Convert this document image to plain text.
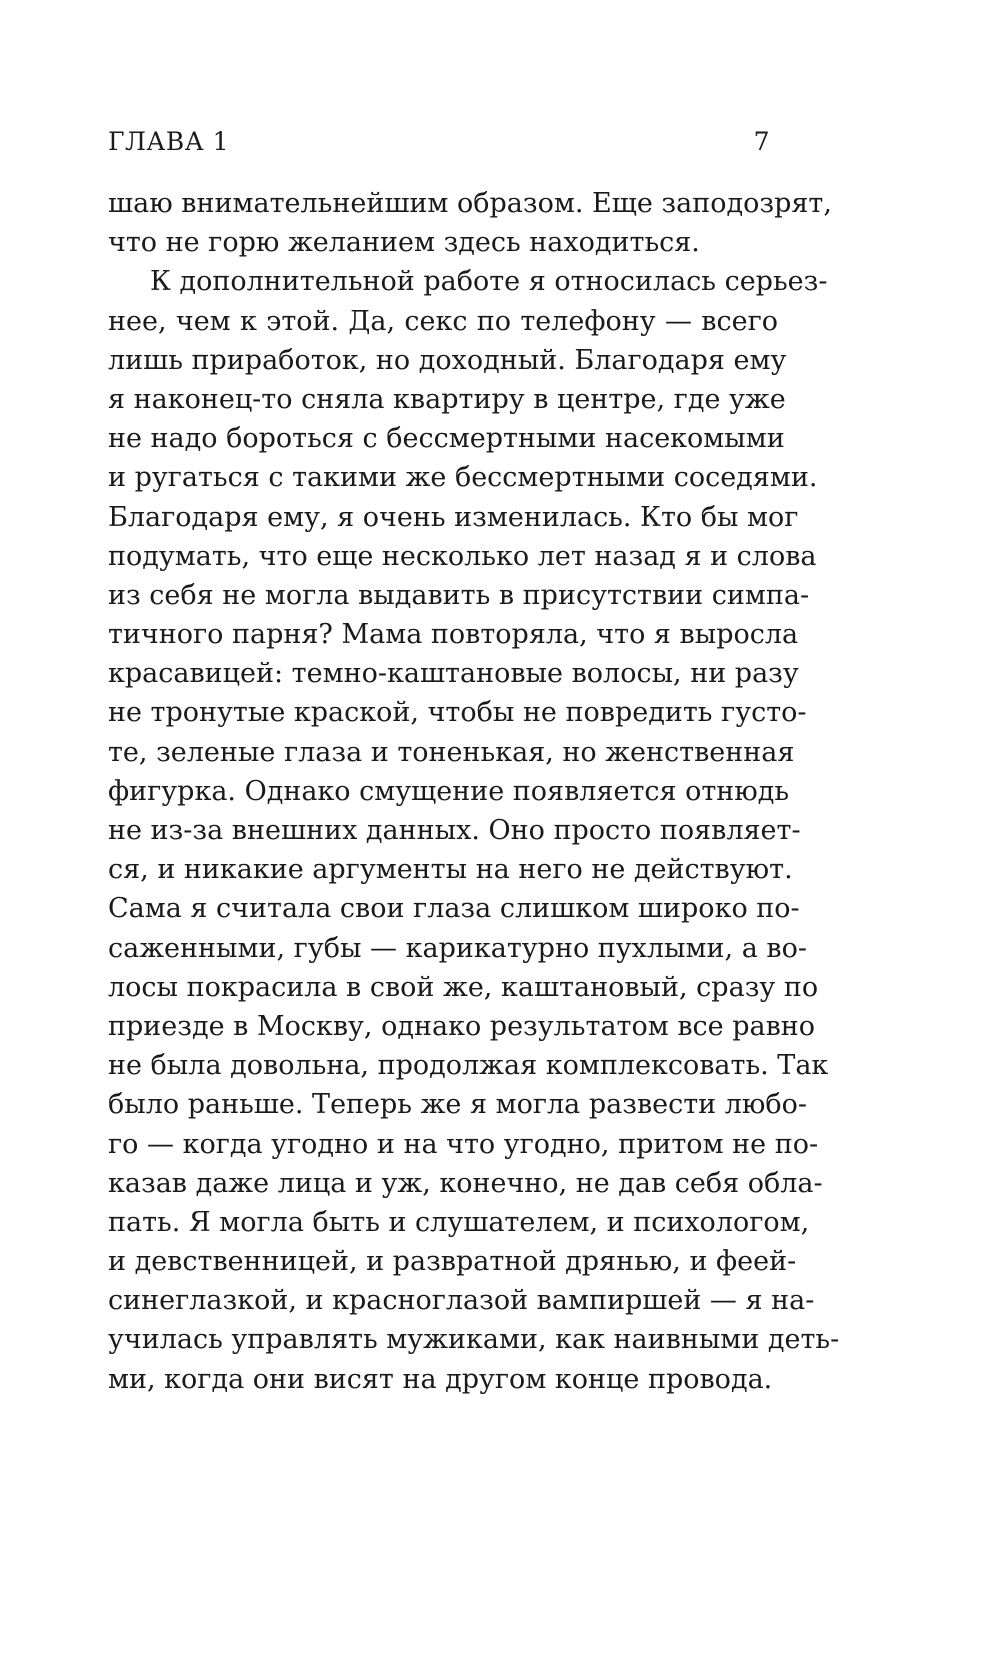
ГЛАВА 1	7
шаю внимательнейшим образом. Еще заподозрят,
что не горю желанием здесь находиться.
К дополнительной работе я относилась серьез-
нее, чем к этой. Да, секс по телефону — всего
лишь приработок, но доходный. Благодаря ему
я наконец-то сняла квартиру в центре, где уже
не надо бороться с бессмертными насекомыми
и ругаться с такими же бессмертными соседями.
Благодаря ему, я очень изменилась. Кто бы мог
подумать, что еще несколько лет назад я и слова
из себя не могла выдавить в присутствии симпа-
тичного парня? Мама повторяла, что я выросла
красавицей: темно-каштановые волосы, ни разу
не тронутые краской, чтобы не повредить густо-
те, зеленые глаза и тоненькая, но женственная
фигурка. Однако смущение появляется отнюдь
не из-за внешних данных. Оно просто появляет-
ся, и никакие аргументы на него не действуют.
Сама я считала свои глаза слишком широко по-
саженными, губы — карикатурно пухлыми, а во-
лосы покрасила в свой же, каштановый, сразу по
приезде в Москву, однако результатом все равно
не была довольна, продолжая комплексовать. Так
было раньше. Теперь же я могла развести любо-
го — когда угодно и на что угодно, притом не по-
казав даже лица и уж, конечно, не дав себя обла-
пать. Я могла быть и слушателем, и психологом,
и девственницей, и развратной дрянью, и феей-
синеглазкой, и красноглазой вампиршей — я на-
училась управлять мужиками, как наивными деть-
ми, когда они висят на другом конце провода.
